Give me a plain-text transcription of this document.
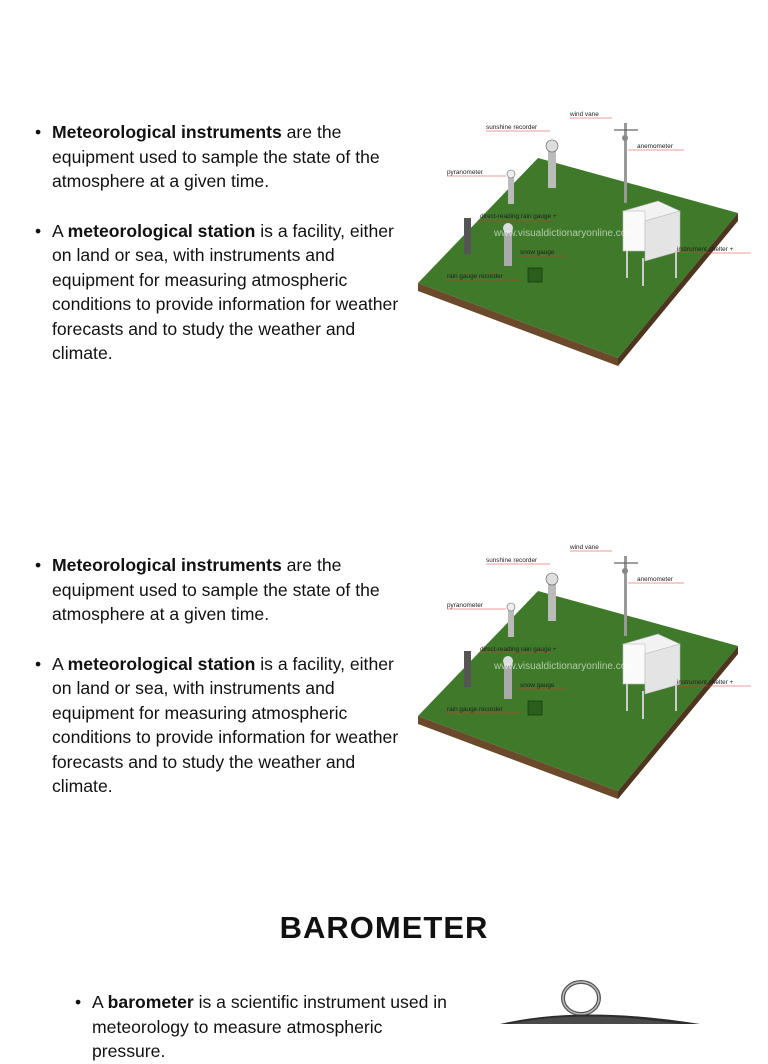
• Meteorological instruments are the equipment used to sample the state of the atmosphere at a given time.

• A meteorological station is a facility, either on land or sea, with instruments and equipment for measuring atmospheric conditions to provide information for weather forecasts and to study the weather and climate.

wind vane
sunshine recorder
anemometer
pyranometer
direct-reading rain gauge +
snow gauge	instrument shelter +
rain gauge recorder
www.visualdictionaryonline.com

• Meteorological instruments are the equipment used to sample the state of the atmosphere at a given time.

• A meteorological station is a facility, either on land or sea, with instruments and equipment for measuring atmospheric conditions to provide information for weather forecasts and to study the weather and climate.

wind vane
sunshine recorder
anemometer
pyranometer
direct-reading rain gauge +
snow gauge	instrument shelter +
rain gauge recorder
www.visualdictionaryonline.com
BAROMETER

• A barometer is a scientific instrument used in meteorology to measure atmospheric pressure.
